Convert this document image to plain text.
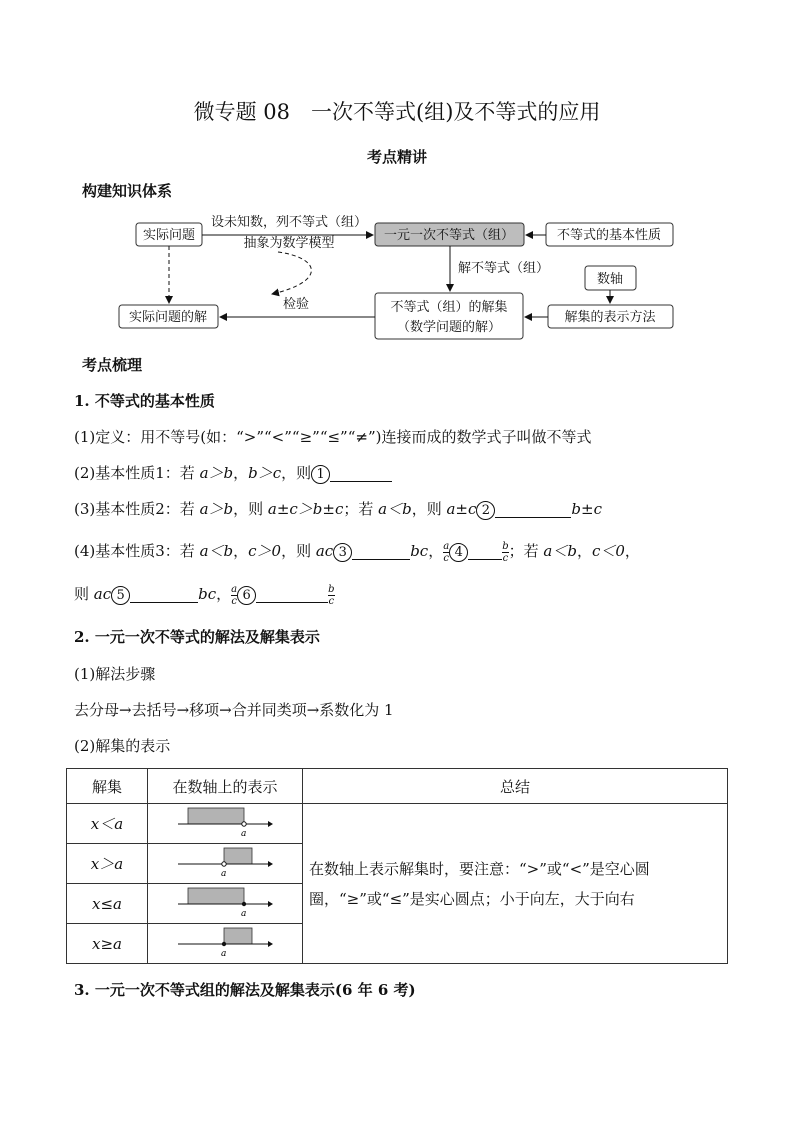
微专题 08　一次不等式(组)及不等式的应用
考点精讲
构建知识体系
实际问题	一元一次不等式（组）	不等式的基本性质
数轴
实际问题的解
不等式（组）的解集
（数学问题的解）
解集的表示方法
设未知数，列不等式（组）
抽象为数学模型
解不等式（组）
检验
考点梳理
1. 不等式的基本性质
(1)定义：用不等号(如：“>”“<”“≥”“≤”“≠”)连接而成的数学式子叫做不等式
(2)基本性质1：若 a＞b，b＞c，则 1
(3)基本性质2：若 a＞b，则 a±c＞b±c；若 a＜b，则 a±c 2	b±c
(4)基本性质3：若 a＜b，c＞0，则 ac 3	bc， $\frac{a}{c} 4$	$\frac{b}{c}$ ；若 a＜b，c＜0，
则 ac 5	bc， $\frac{a}{c} 6$	$\frac{b}{c}$
2. 一元一次不等式的解法及解集表示
(1)解法步骤
去分母→去括号→移项→合并同类项→系数化为 1
(2)解集的表示
解集	在数轴上的表示	总结
x＜a	a	在数轴上表示解集时，要注意：“>”或“<”是空心圆圈，“≥”或“≤”是实心圆点；小于向左，大于向右
x＞a	a	

x≤a	a	

x≥a	a	
3. 一元一次不等式组的解法及解集表示(6 年 6 考)
